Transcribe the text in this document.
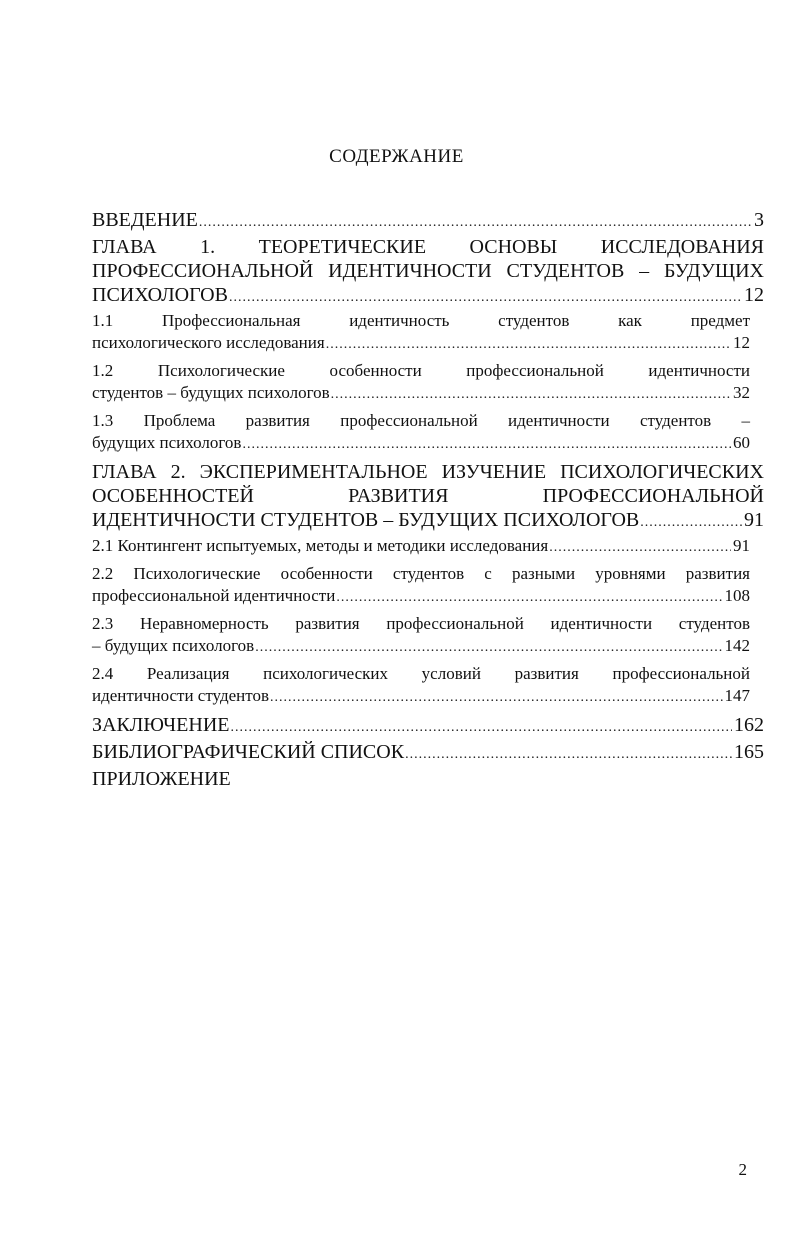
СОДЕРЖАНИЕ
ВВЕДЕНИЕ .....	3
ГЛАВА 1. ТЕОРЕТИЧЕСКИЕ ОСНОВЫ ИССЛЕДОВАНИЯ
ПРОФЕССИОНАЛЬНОЙ ИДЕНТИЧНОСТИ СТУДЕНТОВ – БУДУЩИХ
ПСИХОЛОГОВ .....	12
1.1 Профессиональная идентичность студентов как предмет
психологического исследования .....	12
1.2 Психологические особенности профессиональной идентичности
студентов – будущих психологов .....	32
1.3 Проблема развития профессиональной идентичности студентов –
будущих психологов .....	60
ГЛАВА 2. ЭКСПЕРИМЕНТАЛЬНОЕ ИЗУЧЕНИЕ ПСИХОЛОГИЧЕСКИХ
ОСОБЕННОСТЕЙ РАЗВИТИЯ ПРОФЕССИОНАЛЬНОЙ
ИДЕНТИЧНОСТИ СТУДЕНТОВ – БУДУЩИХ ПСИХОЛОГОВ .....	91
2.1 Контингент испытуемых, методы и методики исследования .....	91
2.2 Психологические особенности студентов с разными уровнями развития
профессиональной идентичности .....	108
2.3 Неравномерность развития профессиональной идентичности студентов
– будущих психологов .....	142
2.4 Реализация психологических условий развития профессиональной
идентичности студентов .....	147
ЗАКЛЮЧЕНИЕ .....	162
БИБЛИОГРАФИЧЕСКИЙ СПИСОК .....	165
ПРИЛОЖЕНИЕ
2
